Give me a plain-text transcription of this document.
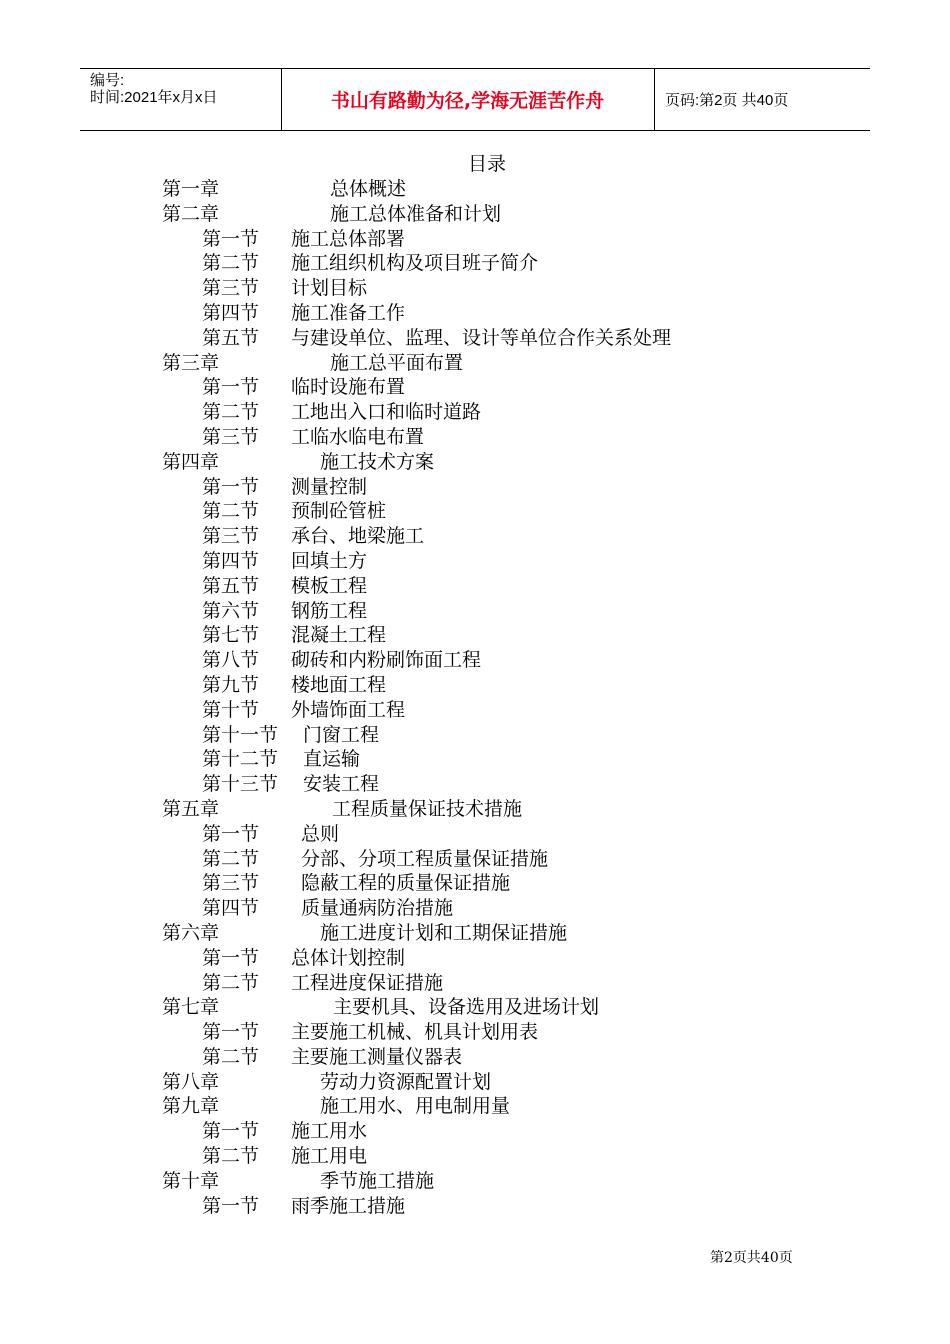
编号:
时间:2021年x月x日	书山有路勤为径,学海无涯苦作舟	页码:第2页 共40页
目录
第一章	总体概述
第二章	施工总体准备和计划
第一节 施工总体部署
第二节 施工组织机构及项目班子简介
第三节 计划目标
第四节 施工准备工作
第五节 与建设单位、监理、设计等单位合作关系处理
第三章	施工总平面布置
第一节 临时设施布置
第二节 工地出入口和临时道路
第三节 工临水临电布置
第四章	施工技术方案
第一节 测量控制
第二节 预制砼管桩
第三节 承台、地梁施工
第四节 回填土方
第五节 模板工程
第六节 钢筋工程
第七节 混凝土工程
第八节 砌砖和内粉刷饰面工程
第九节 楼地面工程
第十节 外墙饰面工程
第十一节 门窗工程
第十二节 直运输
第十三节 安装工程
第五章	工程质量保证技术措施
第一节 总则
第二节 分部、分项工程质量保证措施
第三节 隐蔽工程的质量保证措施
第四节 质量通病防治措施
第六章	施工进度计划和工期保证措施
第一节 总体计划控制
第二节 工程进度保证措施
第七章	主要机具、设备选用及进场计划
第一节 主要施工机械、机具计划用表
第二节 主要施工测量仪器表
第八章	劳动力资源配置计划
第九章	施工用水、用电制用量
第一节 施工用水
第二节 施工用电
第十章	季节施工措施
第一节 雨季施工措施
第2页共40页
